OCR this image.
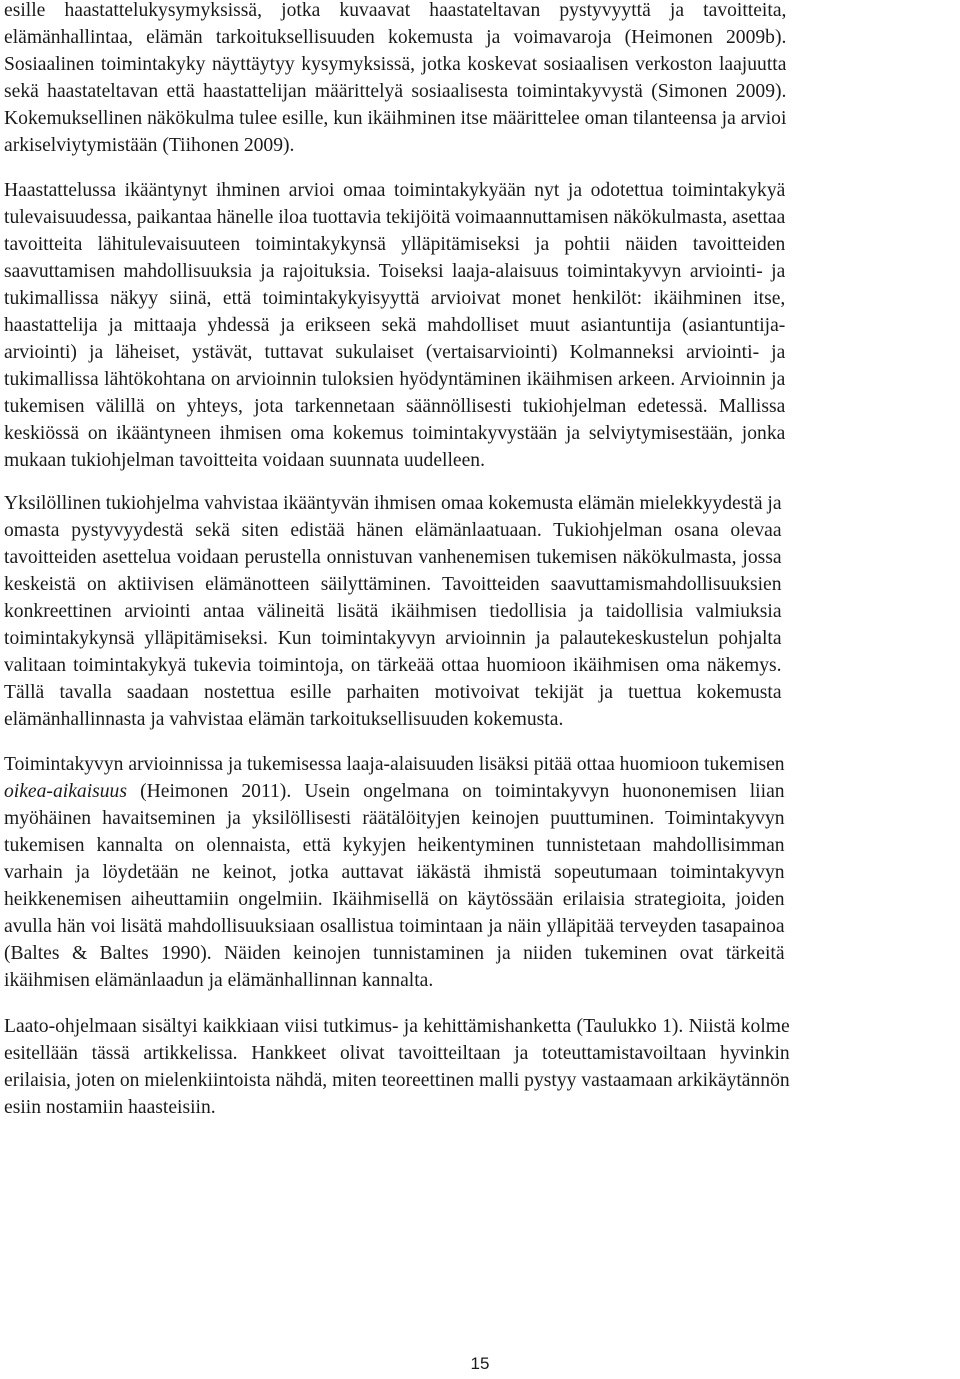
esille haastattelukysymyksissä, jotka kuvaavat haastateltavan pystyvyyttä ja tavoitteita,
elämänhallintaa, elämän tarkoituksellisuuden kokemusta ja voimavaroja (Heimonen 2009b).
Sosiaalinen toimintakyky näyttäytyy kysymyksissä, jotka koskevat sosiaalisen verkoston laajuutta
sekä haastateltavan että haastattelijan määrittelyä sosiaalisesta toimintakyvystä (Simonen 2009).
Kokemuksellinen näkökulma tulee esille, kun ikäihminen itse määrittelee oman tilanteensa ja arvioi
arkiselviytymistään (Tiihonen 2009).

Haastattelussa ikääntynyt ihminen arvioi omaa toimintakykyään nyt ja odotettua toimintakykyä
tulevaisuudessa, paikantaa hänelle iloa tuottavia tekijöitä voimaannuttamisen näkökulmasta, asettaa
tavoitteita lähitulevaisuuteen toimintakykynsä ylläpitämiseksi ja pohtii näiden tavoitteiden
saavuttamisen mahdollisuuksia ja rajoituksia. Toiseksi laaja-alaisuus toimintakyvyn arviointi- ja
tukimallissa näkyy siinä, että toimintakykyisyyttä arvioivat monet henkilöt: ikäihminen itse,
haastattelija ja mittaaja yhdessä ja erikseen sekä mahdolliset muut asiantuntija (asiantuntija-
arviointi) ja läheiset, ystävät, tuttavat sukulaiset (vertaisarviointi) Kolmanneksi arviointi- ja
tukimallissa lähtökohtana on arvioinnin tuloksien hyödyntäminen ikäihmisen arkeen. Arvioinnin ja
tukemisen välillä on yhteys, jota tarkennetaan säännöllisesti tukiohjelman edetessä. Mallissa
keskiössä on ikääntyneen ihmisen oma kokemus toimintakyvystään ja selviytymisestään, jonka
mukaan tukiohjelman tavoitteita voidaan suunnata uudelleen.

Yksilöllinen tukiohjelma vahvistaa ikääntyvän ihmisen omaa kokemusta elämän mielekkyydestä ja
omasta pystyvyydestä sekä siten edistää hänen elämänlaatuaan. Tukiohjelman osana olevaa
tavoitteiden asettelua voidaan perustella onnistuvan vanhenemisen tukemisen näkökulmasta, jossa
keskeistä on aktiivisen elämänotteen säilyttäminen. Tavoitteiden saavuttamismahdollisuuksien
konkreettinen arviointi antaa välineitä lisätä ikäihmisen tiedollisia ja taidollisia valmiuksia
toimintakykynsä ylläpitämiseksi. Kun toimintakyvyn arvioinnin ja palautekeskustelun pohjalta
valitaan toimintakykyä tukevia toimintoja, on tärkeää ottaa huomioon ikäihmisen oma näkemys.
Tällä tavalla saadaan nostettua esille parhaiten motivoivat tekijät ja tuettua kokemusta
elämänhallinnasta ja vahvistaa elämän tarkoituksellisuuden kokemusta.

Toimintakyvyn arvioinnissa ja tukemisessa laaja-alaisuuden lisäksi pitää ottaa huomioon tukemisen
oikea-aikaisuus (Heimonen 2011). Usein ongelmana on toimintakyvyn huononemisen liian
myöhäinen havaitseminen ja yksilöllisesti räätälöityjen keinojen puuttuminen. Toimintakyvyn
tukemisen kannalta on olennaista, että kykyjen heikentyminen tunnistetaan mahdollisimman
varhain ja löydetään ne keinot, jotka auttavat iäkästä ihmistä sopeutumaan toimintakyvyn
heikkenemisen aiheuttamiin ongelmiin. Ikäihmisellä on käytössään erilaisia strategioita, joiden
avulla hän voi lisätä mahdollisuuksiaan osallistua toimintaan ja näin ylläpitää terveyden tasapainoa
(Baltes & Baltes 1990). Näiden keinojen tunnistaminen ja niiden tukeminen ovat tärkeitä
ikäihmisen elämänlaadun ja elämänhallinnan kannalta.

Laato-ohjelmaan sisältyi kaikkiaan viisi tutkimus- ja kehittämishanketta (Taulukko 1). Niistä kolme
esitellään tässä artikkelissa. Hankkeet olivat tavoitteiltaan ja toteuttamistavoiltaan hyvinkin
erilaisia, joten on mielenkiintoista nähdä, miten teoreettinen malli pystyy vastaamaan arkikäytännön
esiin nostamiin haasteisiin.

15
